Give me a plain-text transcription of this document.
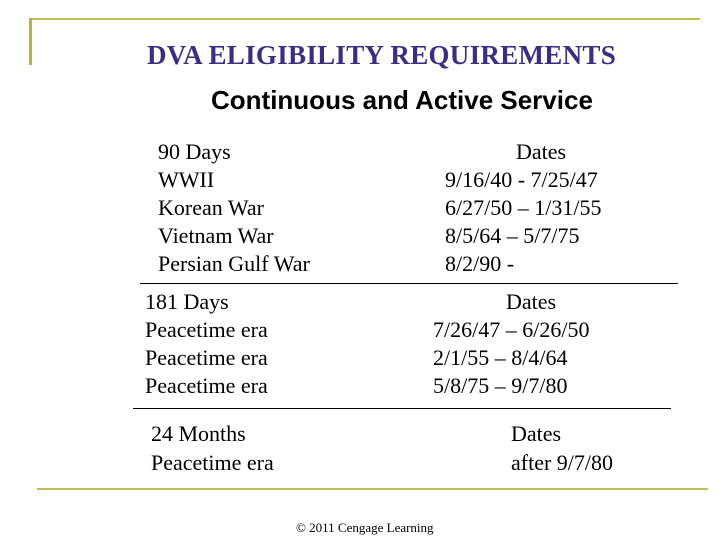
DVA ELIGIBILITY REQUIREMENTS
Continuous and Active Service
90 Days	Dates
WWII	9/16/40 - 7/25/47
Korean War	6/27/50 – 1/31/55
Vietnam War	8/5/64 – 5/7/75
Persian Gulf War	8/2/90 -
181 Days	Dates
Peacetime era	7/26/47 – 6/26/50
Peacetime era	2/1/55 – 8/4/64
Peacetime era	5/8/75 – 9/7/80
24 Months	Dates
Peacetime era	after 9/7/80
© 2011 Cengage Learning
